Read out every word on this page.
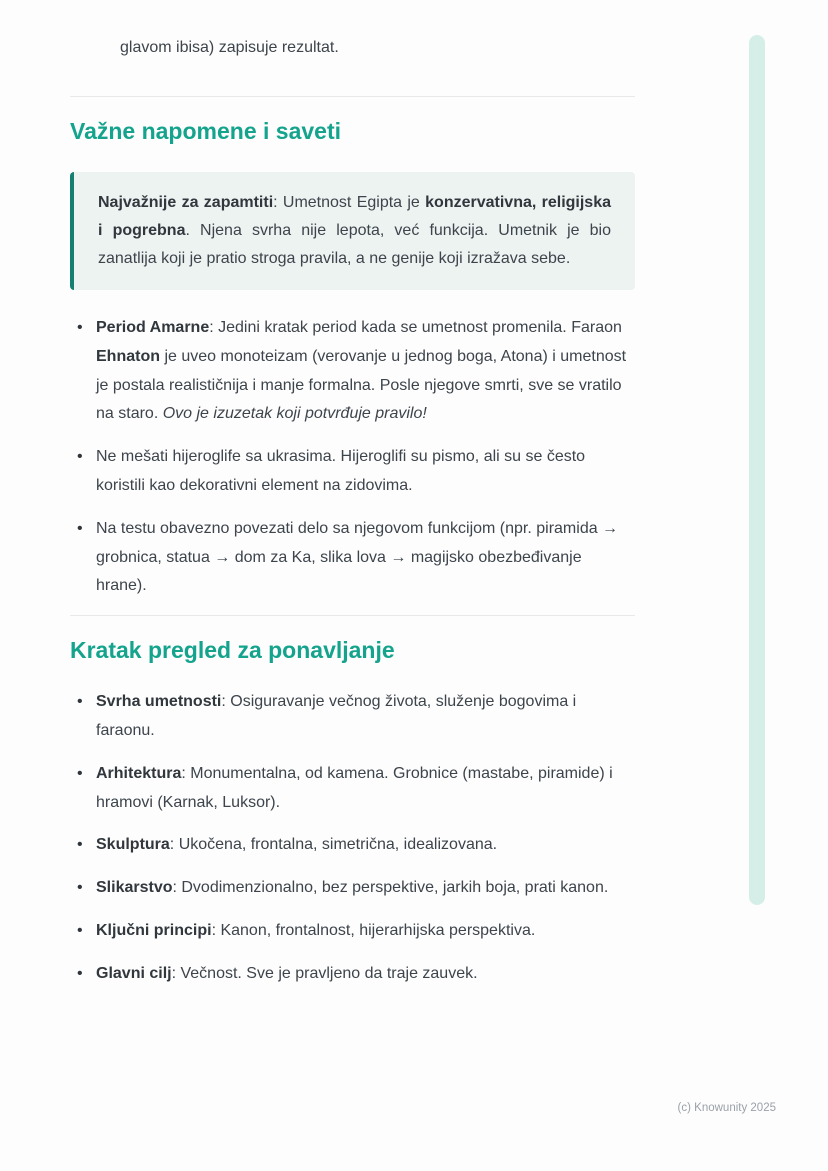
glavom ibisa) zapisuje rezultat.

Važne napomene i saveti

Najvažnije za zapamtiti: Umetnost Egipta je konzervativna, religijska i pogrebna. Njena svrha nije lepota, već funkcija. Umetnik je bio zanatlija koji je pratio stroga pravila, a ne genije koji izražava sebe.

• Period Amarne: Jedini kratak period kada se umetnost promenila. Faraon Ehnaton je uveo monoteizam (verovanje u jednog boga, Atona) i umetnost je postala realističnija i manje formalna. Posle njegove smrti, sve se vratilo na staro. Ovo je izuzetak koji potvrđuje pravilo!
• Ne mešati hijeroglife sa ukrasima. Hijeroglifi su pismo, ali su se često koristili kao dekorativni element na zidovima.
• Na testu obavezno povezati delo sa njegovom funkcijom (npr. piramida → grobnica, statua → dom za Ka, slika lova → magijsko obezbeđivanje hrane).
Kratak pregled za ponavljanje
• Svrha umetnosti: Osiguravanje večnog života, služenje bogovima i faraonu.
• Arhitektura: Monumentalna, od kamena. Grobnice (mastabe, piramide) i hramovi (Karnak, Luksor).
• Skulptura: Ukočena, frontalna, simetrična, idealizovana.
• Slikarstvo: Dvodimenzionalno, bez perspektive, jarkih boja, prati kanon.
• Ključni principi: Kanon, frontalnost, hijerarhijska perspektiva.
• Glavni cilj: Večnost. Sve je pravljeno da traje zauvek.
(c) Knowunity 2025
